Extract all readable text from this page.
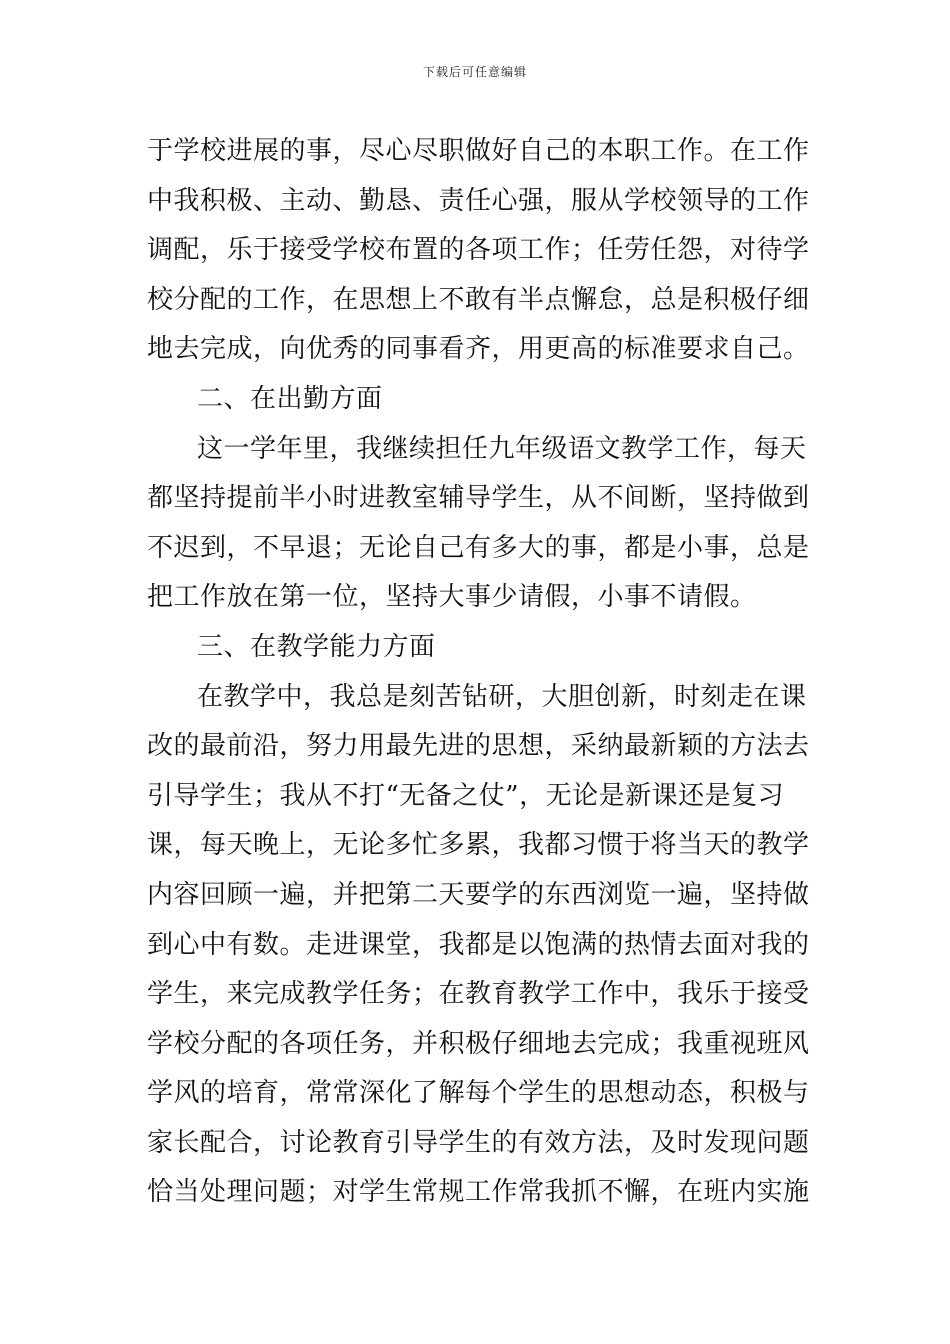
下载后可任意编辑
于学校进展的事，尽心尽职做好自己的本职工作。在工作
中我积极、主动、勤恳、责任心强，服从学校领导的工作
调配，乐于接受学校布置的各项工作；任劳任怨，对待学
校分配的工作，在思想上不敢有半点懈怠，总是积极仔细
地去完成，向优秀的同事看齐，用更高的标准要求自己。
二、在出勤方面
这一学年里，我继续担任九年级语文教学工作，每天
都坚持提前半小时进教室辅导学生，从不间断，坚持做到
不迟到，不早退；无论自己有多大的事，都是小事，总是
把工作放在第一位，坚持大事少请假，小事不请假。
三、在教学能力方面
在教学中，我总是刻苦钻研，大胆创新，时刻走在课
改的最前沿，努力用最先进的思想，采纳最新颖的方法去
引导学生；我从不打“无备之仗”，无论是新课还是复习
课，每天晚上，无论多忙多累，我都习惯于将当天的教学
内容回顾一遍，并把第二天要学的东西浏览一遍，坚持做
到心中有数。走进课堂，我都是以饱满的热情去面对我的
学生，来完成教学任务；在教育教学工作中，我乐于接受
学校分配的各项任务，并积极仔细地去完成；我重视班风
学风的培育，常常深化了解每个学生的思想动态，积极与
家长配合，讨论教育引导学生的有效方法，及时发现问题
恰当处理问题；对学生常规工作常我抓不懈，在班内实施
